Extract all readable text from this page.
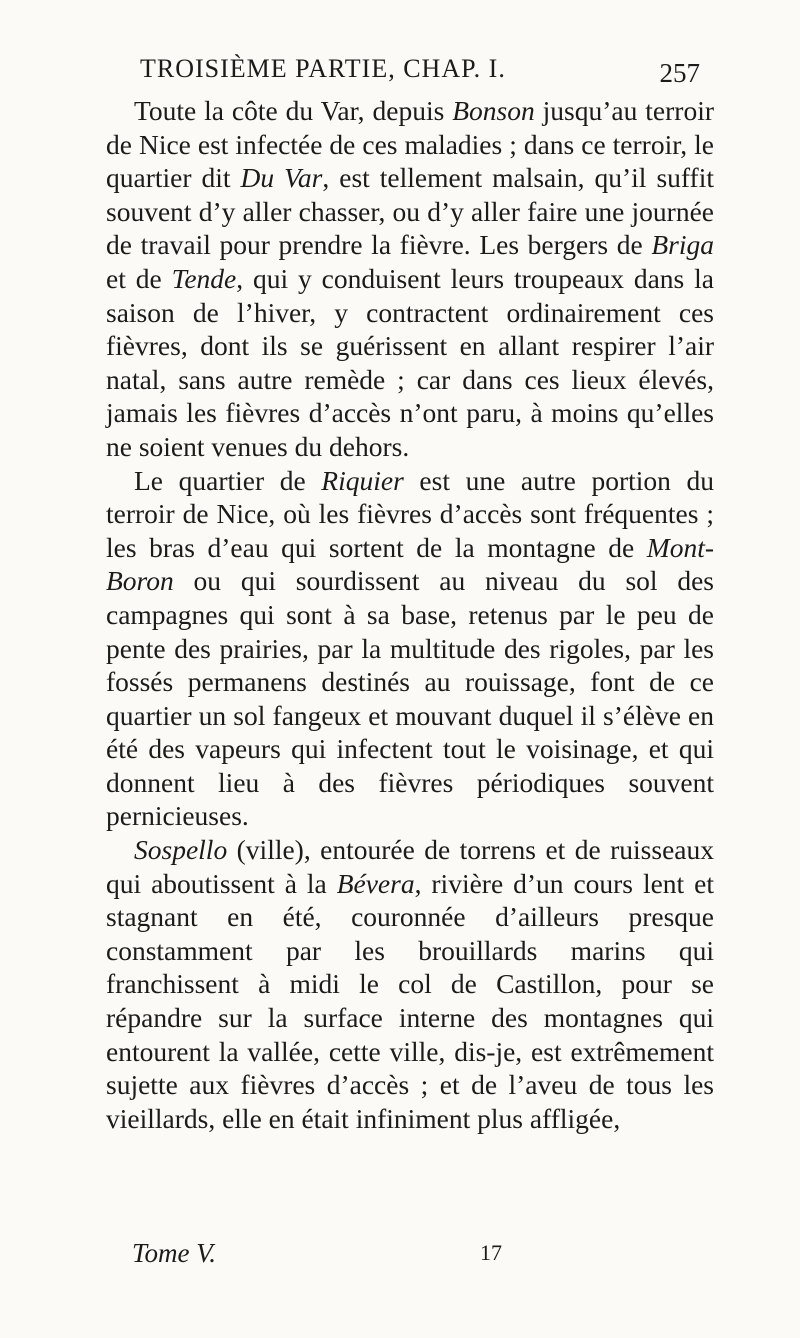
TROISIÈME PARTIE, CHAP. I.	257

Toute la côte du Var, depuis Bonson jusqu’au terroir de Nice est infectée de ces maladies ; dans ce terroir, le quartier dit Du Var, est tellement malsain, qu’il suffit souvent d’y aller chasser, ou d’y aller faire une journée de travail pour prendre la fièvre. Les bergers de Briga et de Tende, qui y conduisent leurs troupeaux dans la saison de l’hiver, y contractent ordinairement ces fièvres, dont ils se guérissent en allant respirer l’air natal, sans autre remède ; car dans ces lieux élevés, jamais les fièvres d’accès n’ont paru, à moins qu’elles ne soient venues du dehors.

Le quartier de Riquier est une autre portion du terroir de Nice, où les fièvres d’accès sont fréquentes ; les bras d’eau qui sortent de la montagne de Mont-Boron ou qui sourdissent au niveau du sol des campagnes qui sont à sa base, retenus par le peu de pente des prairies, par la multitude des rigoles, par les fossés permanens destinés au rouissage, font de ce quartier un sol fangeux et mouvant duquel il s’élève en été des vapeurs qui infectent tout le voisinage, et qui donnent lieu à des fièvres périodiques souvent pernicieuses.

Sospello (ville), entourée de torrens et de ruisseaux qui aboutissent à la Bévera, rivière d’un cours lent et stagnant en été, couronnée d’ailleurs presque constamment par les brouillards marins qui franchissent à midi le col de Castillon, pour se répandre sur la surface interne des montagnes qui entourent la vallée, cette ville, dis-je, est extrêmement sujette aux fièvres d’accès ; et de l’aveu de tous les vieillards, elle en était infiniment plus affligée,

Tome V.	17
